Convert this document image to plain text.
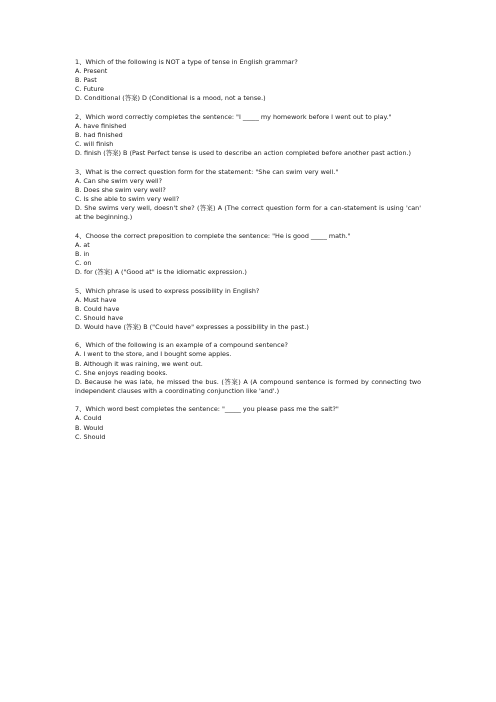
1、Which of the following is NOT a type of tense in English grammar?

A. Present

B. Past

C. Future

D. Conditional (答案) D (Conditional is a mood, not a tense.)

2、Which word correctly completes the sentence: "I _____ my homework before I went out to play."

A. have finished

B. had finished

C. will finish

D. finish (答案) B (Past Perfect tense is used to describe an action completed before another past action.)

3、What is the correct question form for the statement: "She can swim very well."

A. Can she swim very well?

B. Does she swim very well?

C. Is she able to swim very well?

D. She swims very well, doesn't she? (答案) A (The correct question form for a can-statement is using 'can' at the beginning.)

4、Choose the correct preposition to complete the sentence: "He is good _____ math."

A. at

B. in

C. on

D. for (答案) A ("Good at" is the idiomatic expression.)

5、Which phrase is used to express possibility in English?

A. Must have

B. Could have

C. Should have

D. Would have (答案) B ("Could have" expresses a possibility in the past.)

6、Which of the following is an example of a compound sentence?

A. I went to the store, and I bought some apples.

B. Although it was raining, we went out.

C. She enjoys reading books.

D. Because he was late, he missed the bus. (答案) A (A compound sentence is formed by connecting two independent clauses with a coordinating conjunction like 'and'.)

7、Which word best completes the sentence: "_____ you please pass me the salt?"

A. Could

B. Would

C. Should
